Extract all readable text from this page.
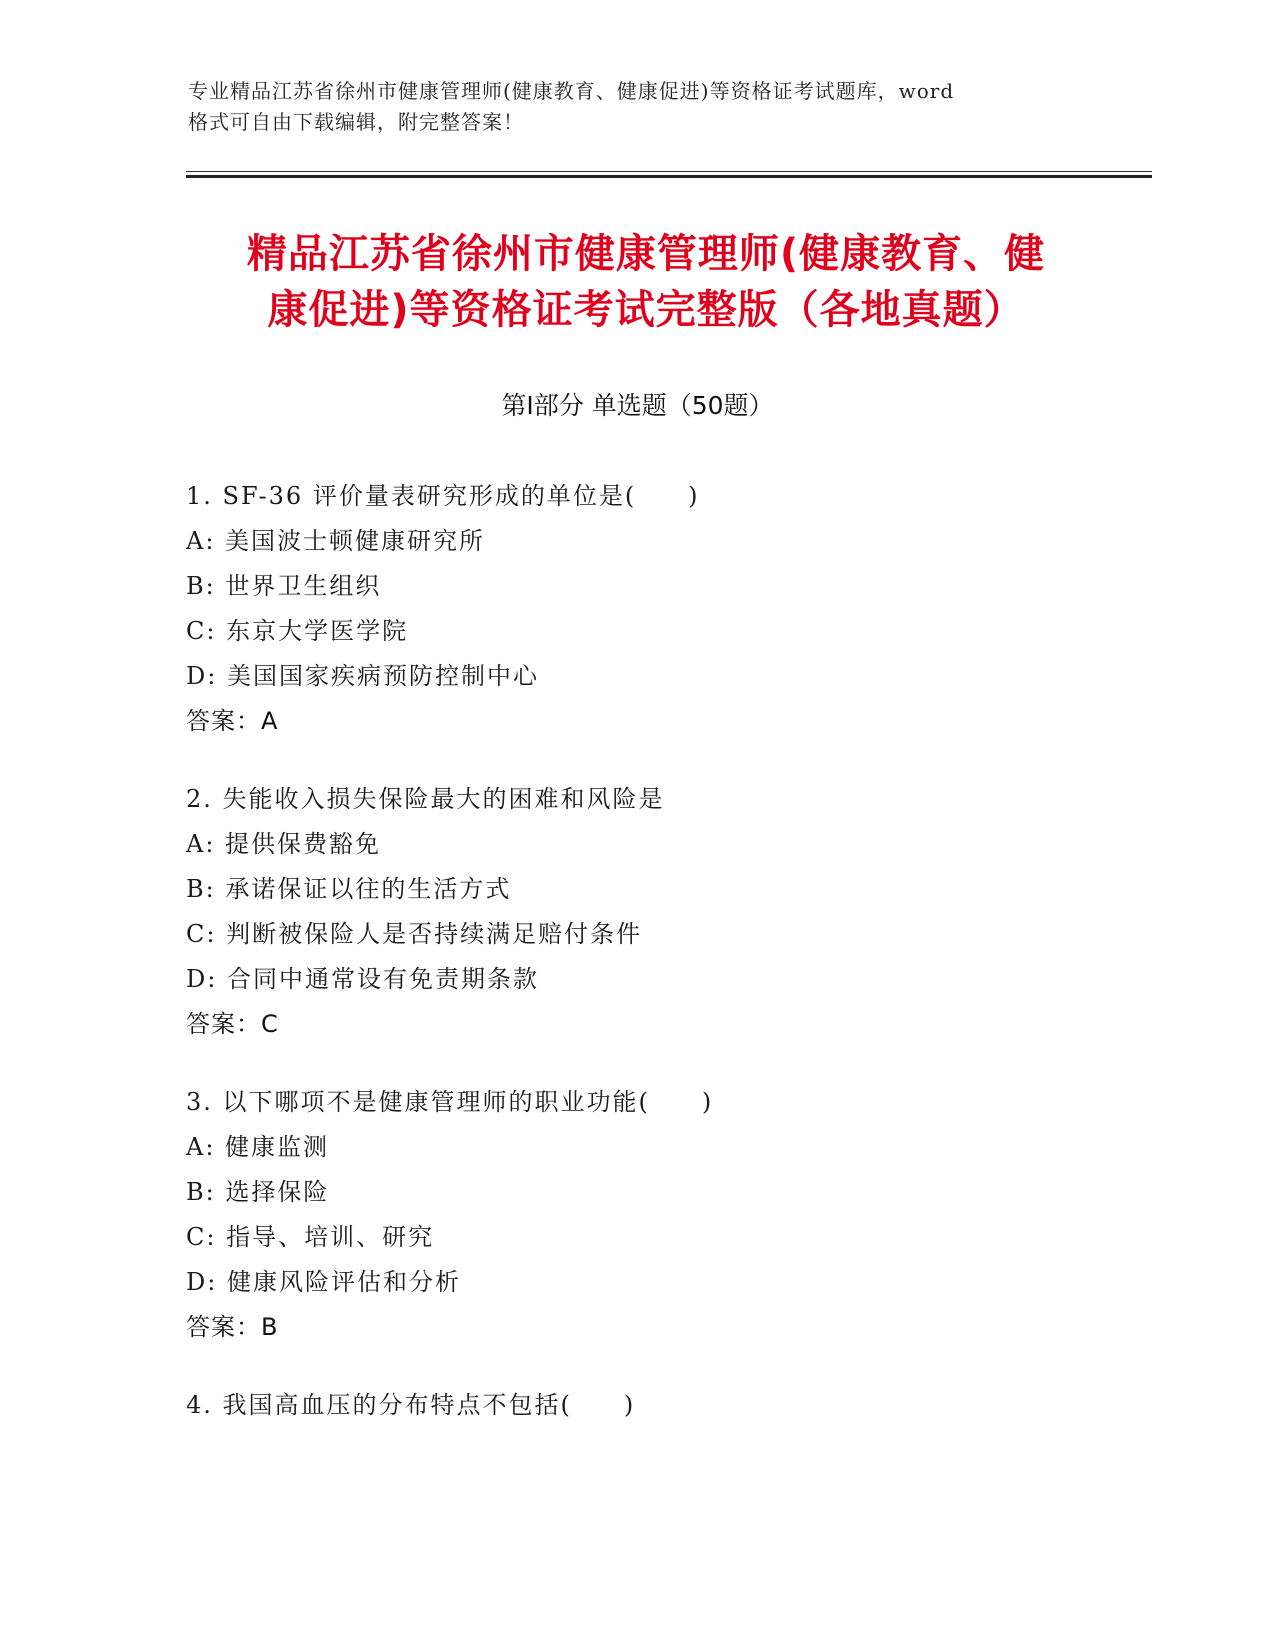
专业精品江苏省徐州市健康管理师(健康教育、健康促进)等资格证考试题库，word
格式可自由下载编辑，附完整答案！
精品江苏省徐州市健康管理师(健康教育、健
康促进)等资格证考试完整版（各地真题）
第Ⅰ部分 单选题（50题）
1. SF-36 评价量表研究形成的单位是(　　)
A: 美国波士顿健康研究所
B: 世界卫生组织
C: 东京大学医学院
D: 美国国家疾病预防控制中心
答案：A
2. 失能收入损失保险最大的困难和风险是
A: 提供保费豁免
B: 承诺保证以往的生活方式
C: 判断被保险人是否持续满足赔付条件
D: 合同中通常设有免责期条款
答案：C
3. 以下哪项不是健康管理师的职业功能(　　)
A: 健康监测
B: 选择保险
C: 指导、培训、研究
D: 健康风险评估和分析
答案：B
4. 我国高血压的分布特点不包括(　　)
